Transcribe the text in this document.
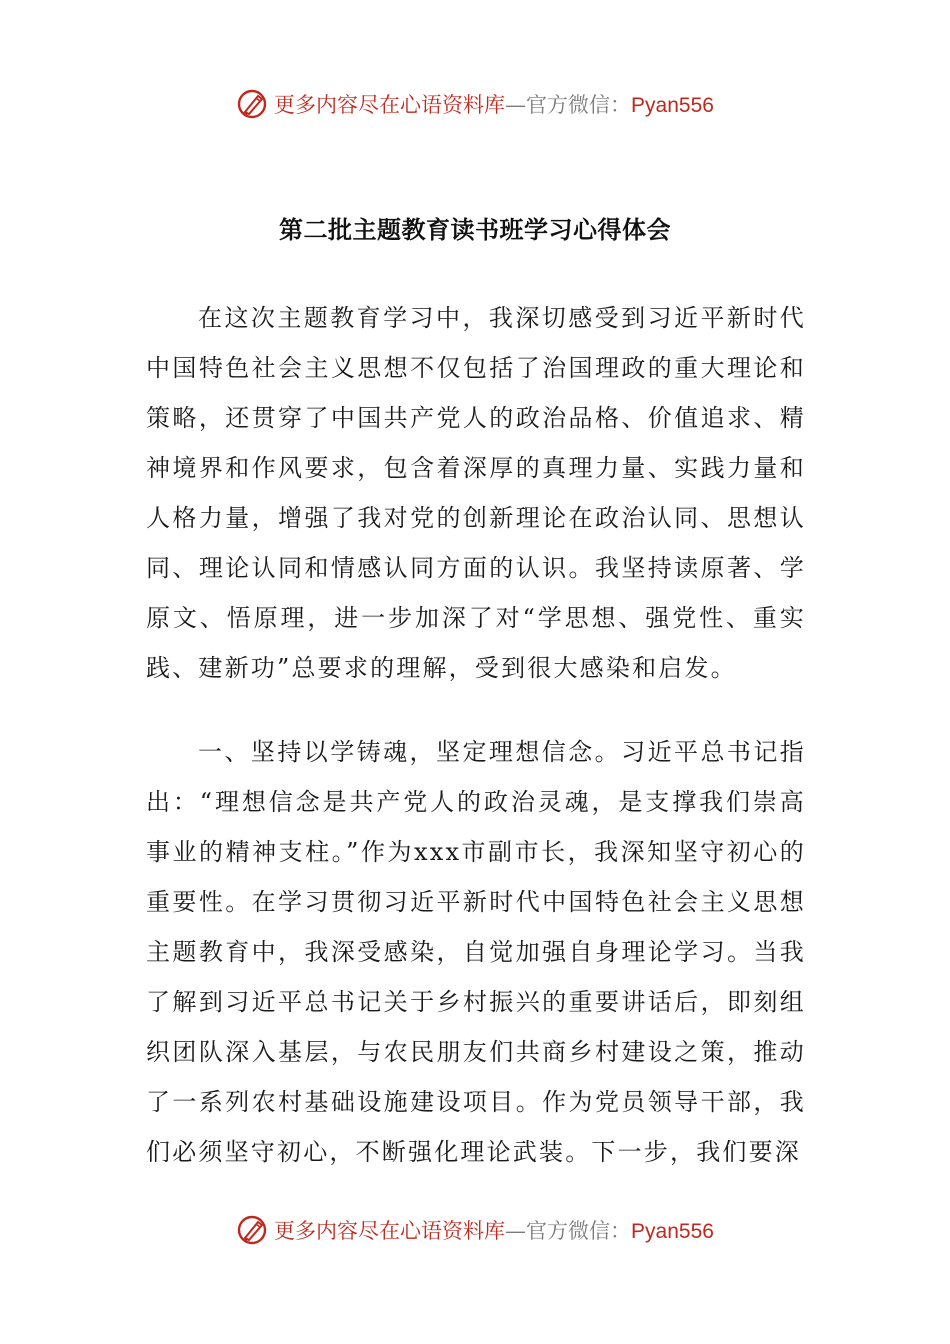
更多内容尽在心语资料库—官方微信：Pyan556
第二批主题教育读书班学习心得体会

在这次主题教育学习中，我深切感受到习近平新时代中国特色社会主义思想不仅包括了治国理政的重大理论和策略，还贯穿了中国共产党人的政治品格、价值追求、精神境界和作风要求，包含着深厚的真理力量、实践力量和人格力量，增强了我对党的创新理论在政治认同、思想认同、理论认同和情感认同方面的认识。我坚持读原著、学原文、悟原理，进一步加深了对“学思想、强党性、重实践、建新功”总要求的理解，受到很大感染和启发。

一、坚持以学铸魂，坚定理想信念。习近平总书记指出：“理想信念是共产党人的政治灵魂，是支撑我们崇高事业的精神支柱。”作为xxx市副市长，我深知坚守初心的重要性。在学习贯彻习近平新时代中国特色社会主义思想主题教育中，我深受感染，自觉加强自身理论学习。当我了解到习近平总书记关于乡村振兴的重要讲话后，即刻组织团队深入基层，与农民朋友们共商乡村建设之策，推动了一系列农村基础设施建设项目。作为党员领导干部，我们必须坚守初心，不断强化理论武装。下一步，我们要深

更多内容尽在心语资料库—官方微信：Pyan556
